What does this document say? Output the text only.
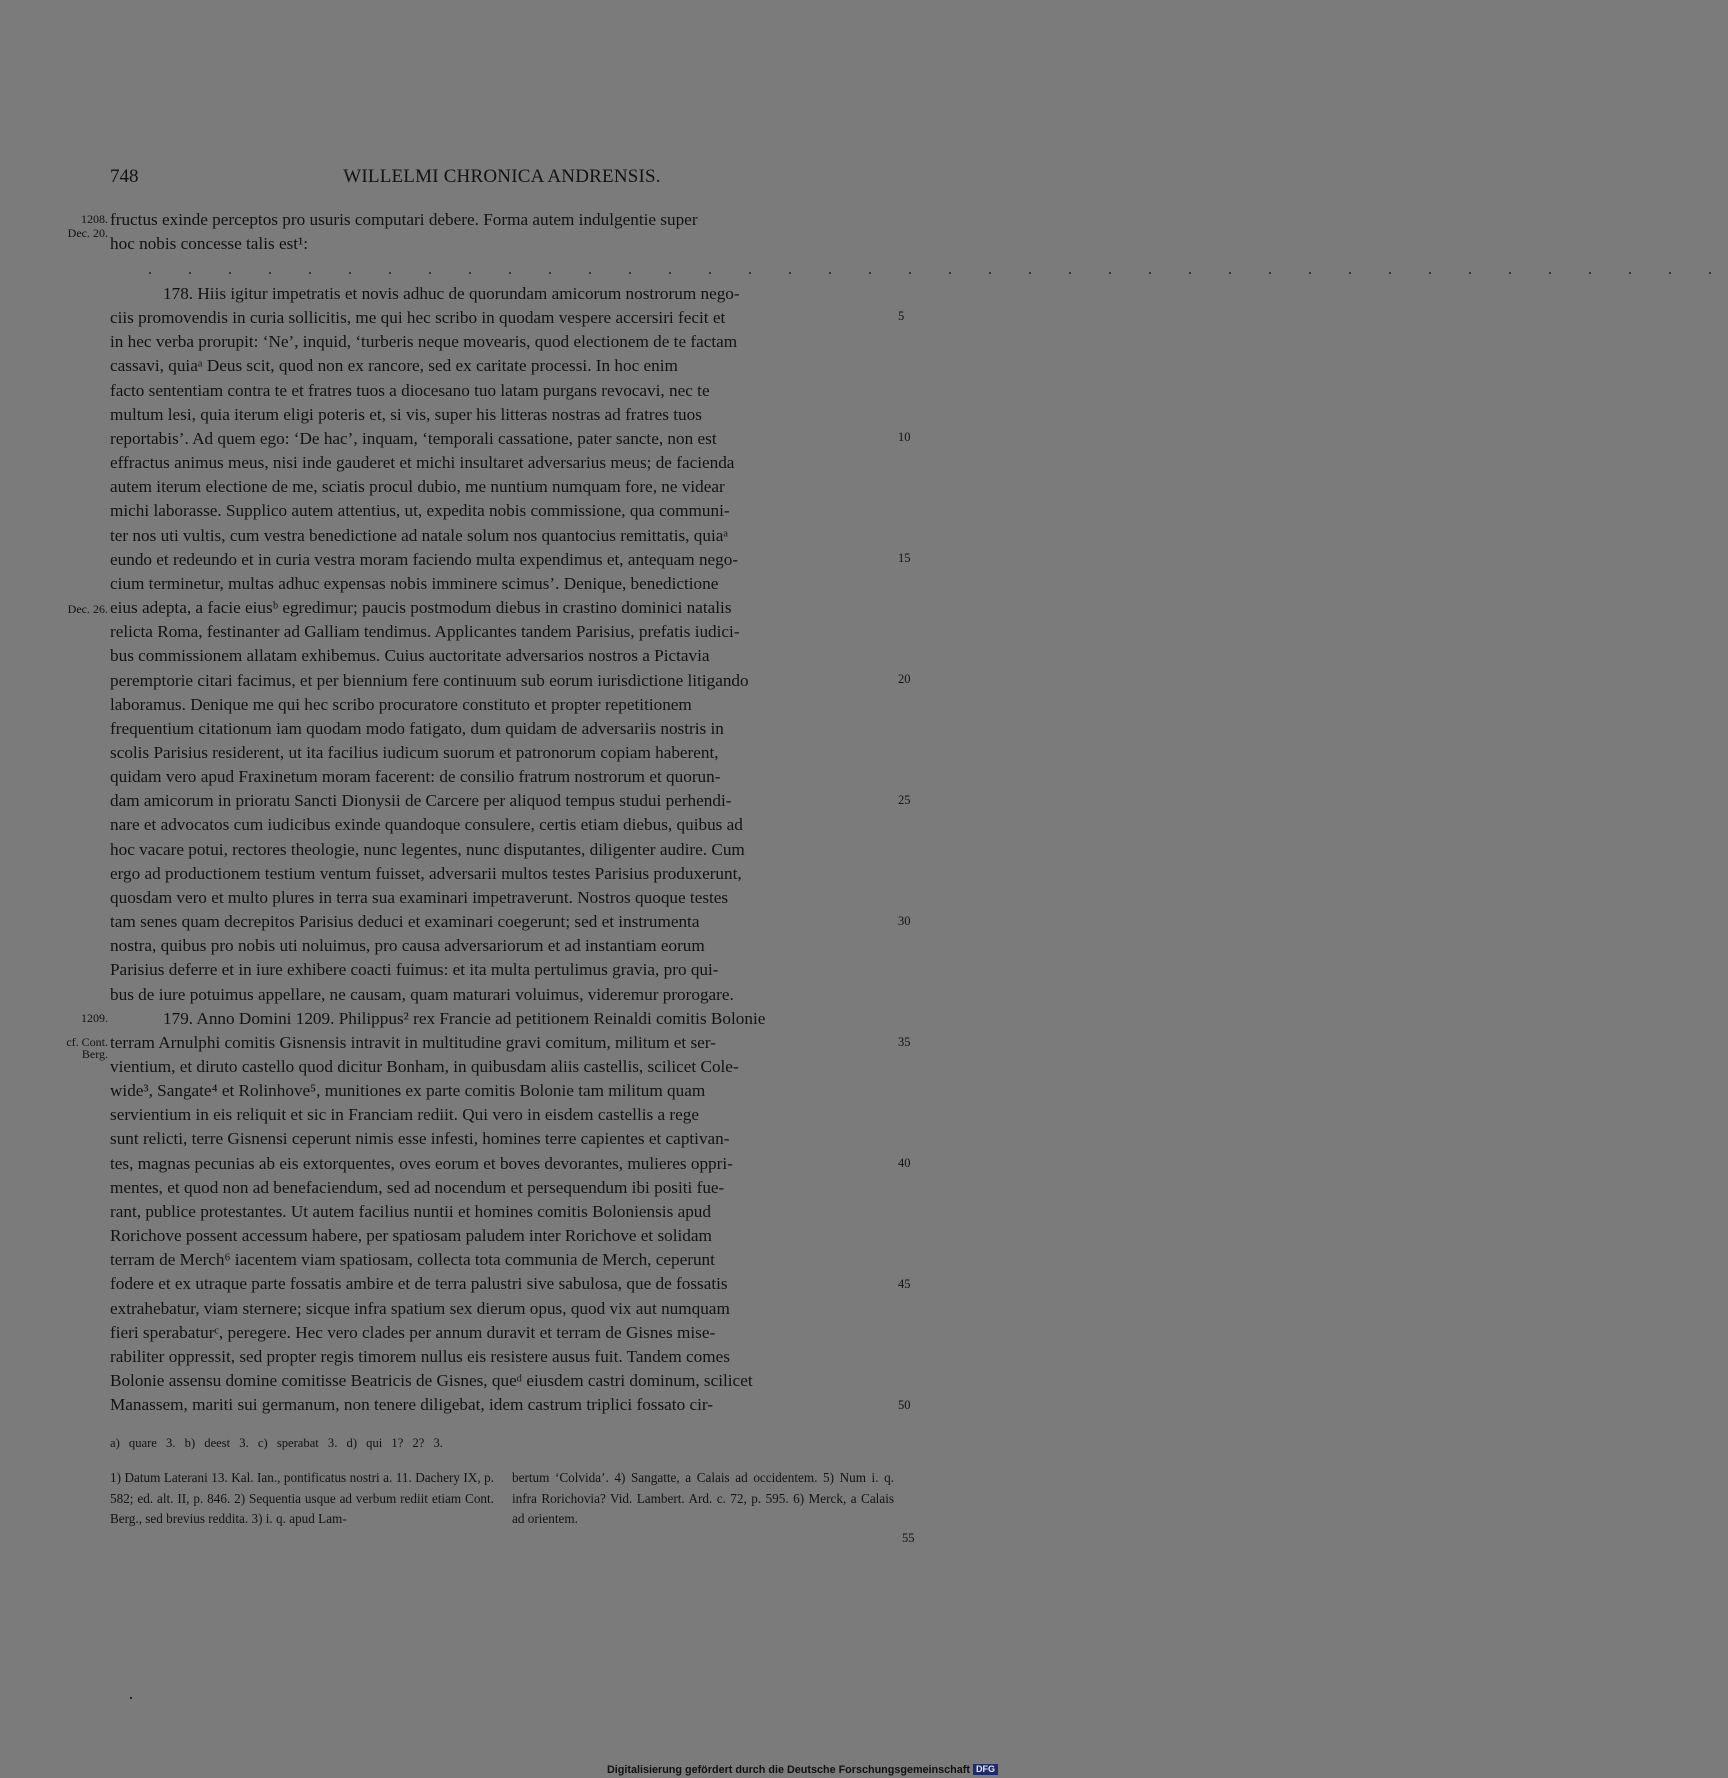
748	WILLELMI CHRONICA ANDRENSIS.
1208.
Dec. 20.
Dec. 26.
1209.
cf. Cont.
Berg.
5
10
15
20
25
30
35
40
45
50
fructus exinde perceptos pro usuris computari debere. Forma autem indulgentie super
hoc nobis concesse talis est¹:
. . . . . . . . . . . . . . . . . . . . . . . . . . . . . . . . . . . . . . . .
178. Hiis igitur impetratis et novis adhuc de quorundam amicorum nostrorum nego-
ciis promovendis in curia sollicitis, me qui hec scribo in quodam vespere accersiri fecit et
in hec verba prorupit: ‘Ne’, inquid, ‘turberis neque movearis, quod electionem de te factam
cassavi, quiaᵃ Deus scit, quod non ex rancore, sed ex caritate processi. In hoc enim
facto sententiam contra te et fratres tuos a diocesano tuo latam purgans revocavi, nec te
multum lesi, quia iterum eligi poteris et, si vis, super his litteras nostras ad fratres tuos
reportabis’. Ad quem ego: ‘De hac’, inquam, ‘temporali cassatione, pater sancte, non est
effractus animus meus, nisi inde gauderet et michi insultaret adversarius meus; de facienda
autem iterum electione de me, sciatis procul dubio, me nuntium numquam fore, ne videar
michi laborasse. Supplico autem attentius, ut, expedita nobis commissione, qua communi-
ter nos uti vultis, cum vestra benedictione ad natale solum nos quantocius remittatis, quiaᵃ
eundo et redeundo et in curia vestra moram faciendo multa expendimus et, antequam nego-
cium terminetur, multas adhuc expensas nobis imminere scimus’. Denique, benedictione
eius adepta, a facie eiusᵇ egredimur; paucis postmodum diebus in crastino dominici natalis
relicta Roma, festinanter ad Galliam tendimus. Applicantes tandem Parisius, prefatis iudici-
bus commissionem allatam exhibemus. Cuius auctoritate adversarios nostros a Pictavia
peremptorie citari facimus, et per biennium fere continuum sub eorum iurisdictione litigando
laboramus. Denique me qui hec scribo procuratore constituto et propter repetitionem
frequentium citationum iam quodam modo fatigato, dum quidam de adversariis nostris in
scolis Parisius residerent, ut ita facilius iudicum suorum et patronorum copiam haberent,
quidam vero apud Fraxinetum moram facerent: de consilio fratrum nostrorum et quorun-
dam amicorum in prioratu Sancti Dionysii de Carcere per aliquod tempus studui perhendi-
nare et advocatos cum iudicibus exinde quandoque consulere, certis etiam diebus, quibus ad
hoc vacare potui, rectores theologie, nunc legentes, nunc disputantes, diligenter audire. Cum
ergo ad productionem testium ventum fuisset, adversarii multos testes Parisius produxerunt,
quosdam vero et multo plures in terra sua examinari impetraverunt. Nostros quoque testes
tam senes quam decrepitos Parisius deduci et examinari coegerunt; sed et instrumenta
nostra, quibus pro nobis uti noluimus, pro causa adversariorum et ad instantiam eorum
Parisius deferre et in iure exhibere coacti fuimus: et ita multa pertulimus gravia, pro qui-
bus de iure potuimus appellare, ne causam, quam maturari voluimus, videremur prorogare.
179. Anno Domini 1209. Philippus² rex Francie ad petitionem Reinaldi comitis Bolonie
terram Arnulphi comitis Gisnensis intravit in multitudine gravi comitum, militum et ser-
vientium, et diruto castello quod dicitur Bonham, in quibusdam aliis castellis, scilicet Cole-
wide³, Sangate⁴ et Rolinhove⁵, munitiones ex parte comitis Bolonie tam militum quam
servientium in eis reliquit et sic in Franciam rediit. Qui vero in eisdem castellis a rege
sunt relicti, terre Gisnensi ceperunt nimis esse infesti, homines terre capientes et captivan-
tes, magnas pecunias ab eis extorquentes, oves eorum et boves devorantes, mulieres oppri-
mentes, et quod non ad benefaciendum, sed ad nocendum et persequendum ibi positi fue-
rant, publice protestantes. Ut autem facilius nuntii et homines comitis Boloniensis apud
Rorichove possent accessum habere, per spatiosam paludem inter Rorichove et solidam
terram de Merch⁶ iacentem viam spatiosam, collecta tota communia de Merch, ceperunt
fodere et ex utraque parte fossatis ambire et de terra palustri sive sabulosa, que de fossatis
extrahebatur, viam sternere; sicque infra spatium sex dierum opus, quod vix aut numquam
fieri sperabaturᶜ, peregere. Hec vero clades per annum duravit et terram de Gisnes mise-
rabiliter oppressit, sed propter regis timorem nullus eis resistere ausus fuit. Tandem comes
Bolonie assensu domine comitisse Beatricis de Gisnes, queᵈ eiusdem castri dominum, scilicet
Manassem, mariti sui germanum, non tenere diligebat, idem castrum triplici fossato cir-
a) quare 3. b) deest 3. c) sperabat 3. d) qui 1? 2? 3.
1) Datum Laterani 13. Kal. Ian., pontificatus nostri a. 11. Dachery IX, p. 582; ed. alt. II, p. 846. 2) Sequentia usque ad verbum rediit etiam Cont. Berg., sed brevius reddita. 3) i. q. apud Lam-
bertum ‘Colvida’. 4) Sangatte, a Calais ad occidentem. 5) Num i. q. infra Rorichovia? Vid. Lambert. Ard. c. 72, p. 595. 6) Merck, a Calais ad orientem.
55
Digitalisierung gefördert durch die Deutsche Forschungsgemeinschaft DFG
